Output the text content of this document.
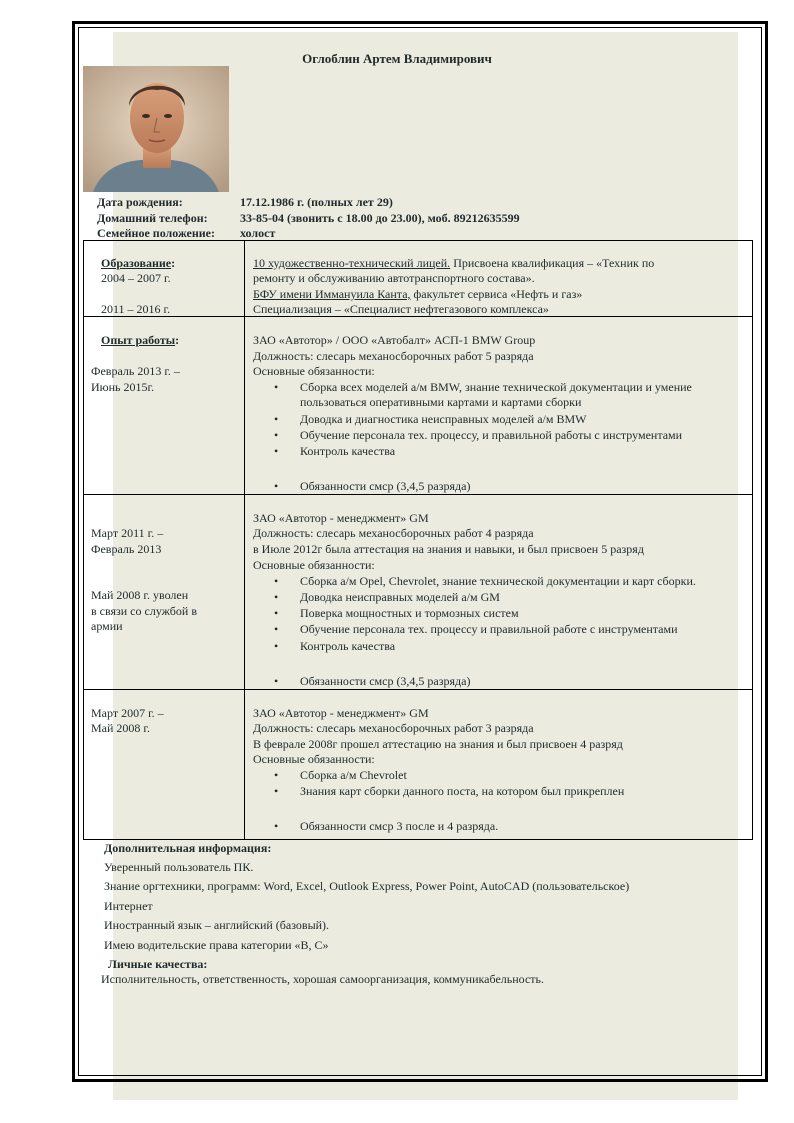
Оглоблин Артем Владимирович
Дата рождения:	17.12.1986 г. (полных лет 29)
Домашний телефон:	33-85-04 (звонить с 18.00 до 23.00), моб. 89212635599
Семейное положение: холост
Образование:
2004 – 2007 г.
2011 – 2016 г.
10 художественно-технический лицей. Присвоена квалификация – «Техник по
ремонту и обслуживанию автотранспортного состава».
БФУ имени Иммануила Канта, факультет сервиса «Нефть и газ»
Специализация – «Специалист нефтегазового комплекса»
Опыт работы:
Февраль 2013 г. –
Июнь 2015г.
ЗАО «Автотор» / ООО «Автобалт» АСП-1 BMW Group
Должность: слесарь механосборочных работ 5 разряда
Основные обязанности:
• Сборка всех моделей а/м BMW, знание технической документации и умение
пользоваться оперативными картами и картами сборки
• Доводка и диагностика неисправных моделей а/м BMW
• Обучение персонала тех. процессу, и правильной работы с инструментами
• Контроль качества
• Обязанности смср (3,4,5 разряда)
Март 2011 г. –
Февраль 2013
Май 2008 г. уволен
в связи со службой в
армии
ЗАО «Автотор - менеджмент» GM
Должность: слесарь механосборочных работ 4 разряда
в Июле 2012г была аттестация на знания и навыки, и был присвоен 5 разряд
Основные обязанности:
• Сборка а/м Opel, Chevrolet, знание технической документации и карт сборки.
• Доводка неисправных моделей а/м GM
• Поверка мощностных и тормозных систем
• Обучение персонала тех. процессу и правильной работе с инструментами
• Контроль качества
• Обязанности смср (3,4,5 разряда)
Март 2007 г. –
Май 2008 г.
ЗАО «Автотор - менеджмент» GM
Должность: слесарь механосборочных работ 3 разряда
В феврале 2008г прошел аттестацию на знания и был присвоен 4 разряд
Основные обязанности:
• Сборка а/м Chevrolet
• Знания карт сборки данного поста, на котором был прикреплен
• Обязанности смср 3 после и 4 разряда.
Дополнительная информация:
Уверенный пользователь ПК.
Знание оргтехники, программ: Word, Excel, Outlook Express, Power Point, AutoCAD (пользовательское)
Интернет
Иностранный язык – английский (базовый).
Имею водительские права категории «В, С»
Личные качества:
Исполнительность, ответственность, хорошая самоорганизация, коммуникабельность.
